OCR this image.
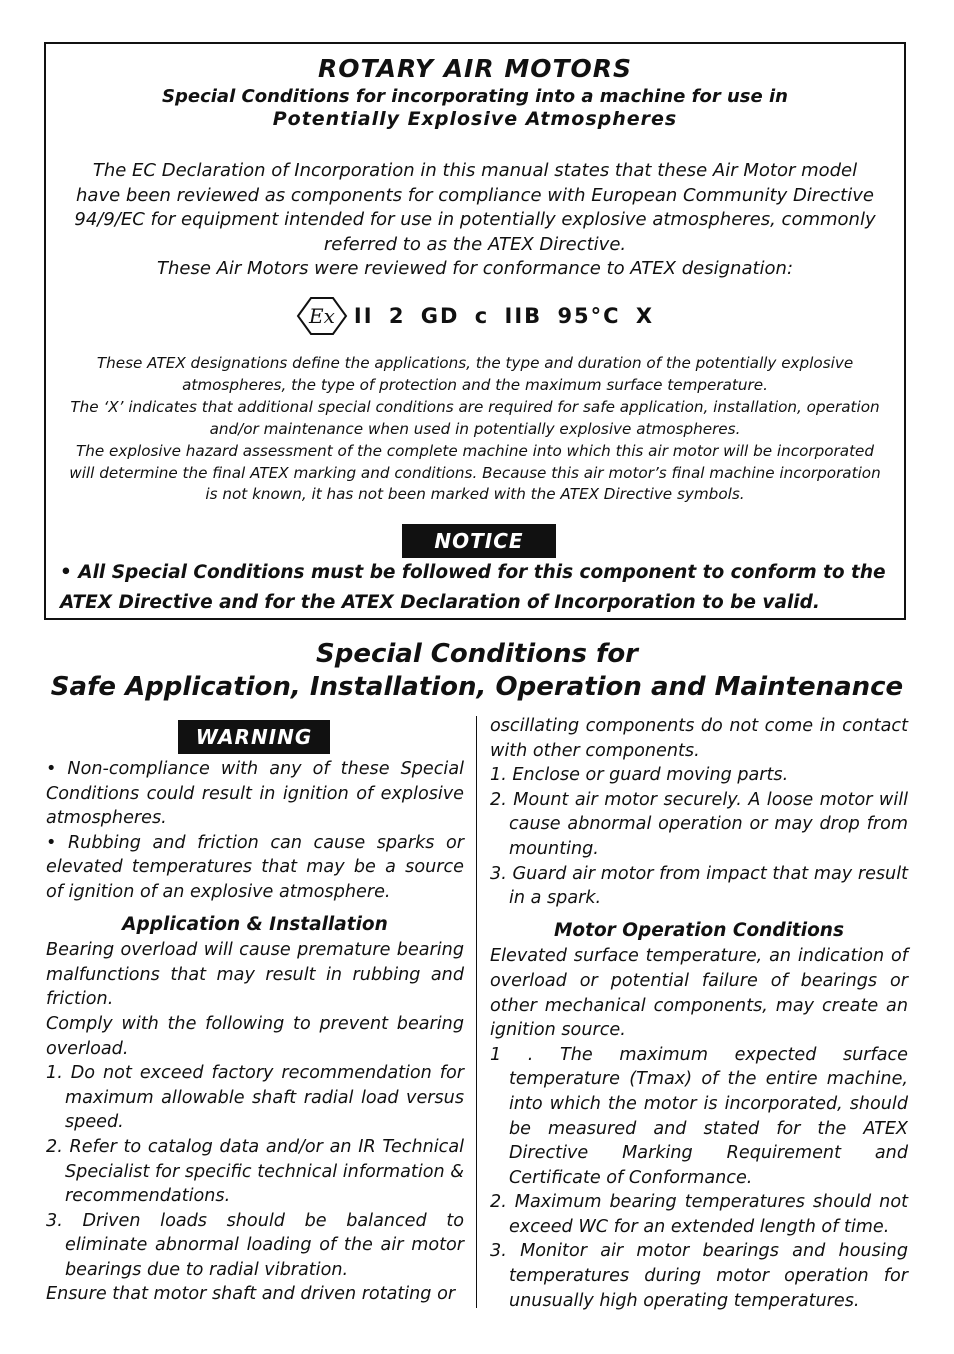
ROTARY AIR MOTORS
Special Conditions for incorporating into a machine for use in
Potentially Explosive Atmospheres
The EC Declaration of Incorporation in this manual states that these Air Motor model have been reviewed as components for compliance with European Community Directive 94/9/EC for equipment intended for use in potentially explosive atmospheres, commonly referred to as the ATEX Directive.
These Air Motors were reviewed for conformance to ATEX designation:
Ex II 2 GD c IIB 95°C X
These ATEX designations define the applications, the type and duration of the potentially explosive atmospheres, the type of protection and the maximum surface temperature.
The ‘X’ indicates that additional special conditions are required for safe application, installation, operation and/or maintenance when used in potentially explosive atmospheres.
The explosive hazard assessment of the complete machine into which this air motor will be incorporated will determine the final ATEX marking and conditions. Because this air motor’s final machine incorporation is not known, it has not been marked with the ATEX Directive symbols.
NOTICE
• All Special Conditions must be followed for this component to conform to the ATEX Directive and for the ATEX Declaration of Incorporation to be valid.
Special Conditions for
Safe Application, Installation, Operation and Maintenance
WARNING

• Non-compliance with any of these Special Conditions could result in ignition of explosive atmospheres.

• Rubbing and friction can cause sparks or elevated temperatures that may be a source of ignition of an explosive atmosphere.

Application & Installation

Bearing overload will cause premature bearing malfunctions that may result in rubbing and friction.

Comply with the following to prevent bearing overload.

1. Do not exceed factory recommendation for maximum allowable shaft radial load versus speed.
2. Refer to catalog data and/or an IR Technical Specialist for specific technical information & recommendations.
3. Driven loads should be balanced to eliminate abnormal loading of the air motor bearings due to radial vibration.

Ensure that motor shaft and driven rotating or

oscillating components do not come in contact with other components.

1. Enclose or guard moving parts.
2. Mount air motor securely. A loose motor will cause abnormal operation or may drop from mounting.
3. Guard air motor from impact that may result in a spark.
Motor Operation Conditions

Elevated surface temperature, an indication of overload or potential failure of bearings or other mechanical components, may create an ignition source.

1 . The maximum expected surface temperature (Tmax) of the entire machine, into which the motor is incorporated, should be measured and stated for the ATEX Directive Marking Requirement and Certificate of Conformance.
2. Maximum bearing temperatures should not exceed WC for an extended length of time.
3. Monitor air motor bearings and housing temperatures during motor operation for unusually high operating temperatures.
